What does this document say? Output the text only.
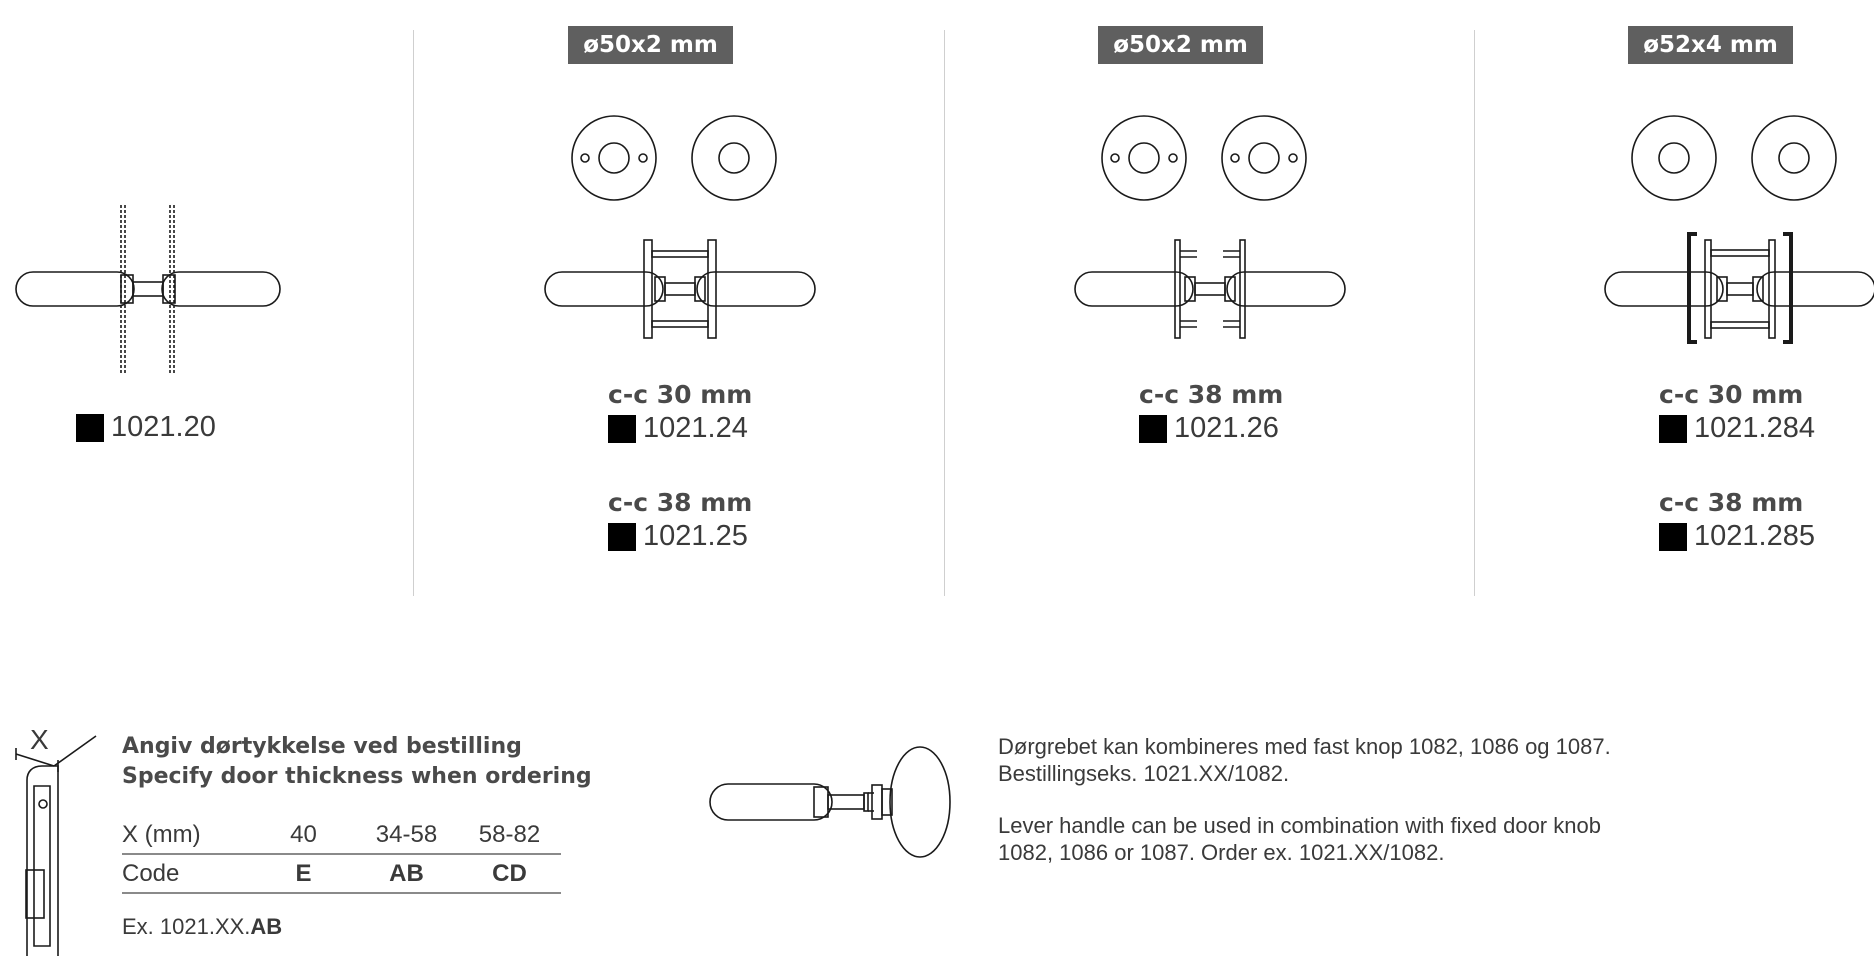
ø50x2 mm	ø50x2 mm	ø52x4 mm
1021.20
c-c 30 mm
1021.24
c-c 38 mm
1021.25
c-c 38 mm
1021.26
c-c 30 mm
1021.284
c-c 38 mm
1021.285
X	Angiv dørtykkelse ved bestilling
Specify door thickness when ordering
X (mm)	40	34-58	58-82
Code	E	AB	CD
Ex. 1021.XX.AB
Dørgrebet kan kombineres med fast knop 1082, 1086 og 1087. Bestillingseks. 1021.XX/1082.
Lever handle can be used in combination with fixed door knob 1082, 1086 or 1087. Order ex. 1021.XX/1082.
